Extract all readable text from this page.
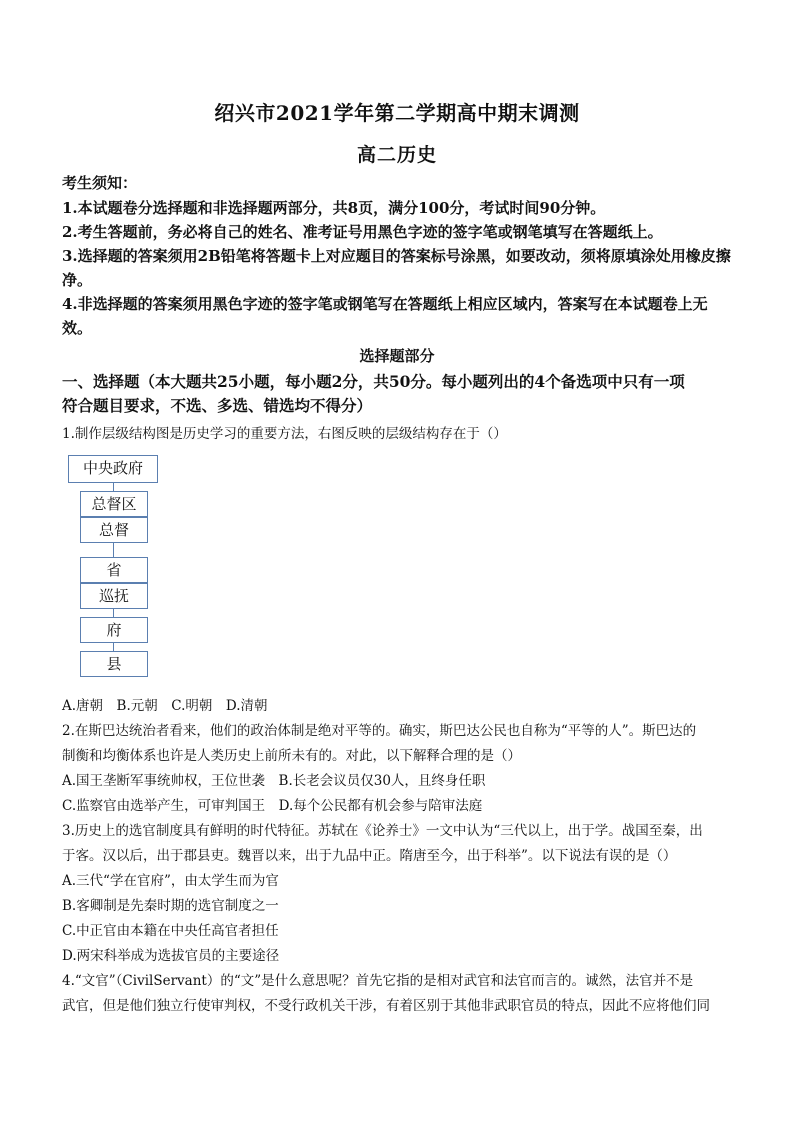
绍兴市2021学年第二学期高中期末调测
高二历史
考生须知：

1.本试题卷分选择题和非选择题两部分，共8页，满分100分，考试时间90分钟。

2.考生答题前，务必将自己的姓名、准考证号用黑色字迹的签字笔或钢笔填写在答题纸上。

3.选择题的答案须用2B铅笔将答题卡上对应题目的答案标号涂黑，如要改动，须将原填涂处用橡皮擦净。

4.非选择题的答案须用黑色字迹的签字笔或钢笔写在答题纸上相应区域内，答案写在本试题卷上无效。

选择题部分

一、选择题（本大题共25小题，每小题2分，共50分。每小题列出的4个备选项中只有一项

符合题目要求，不选、多选、错选均不得分）

1.制作层级结构图是历史学习的重要方法，右图反映的层级结构存在于（）

中央政府
总督区
总督
省
巡抚
府
县

A.唐朝　B.元朝　C.明朝　D.清朝

2.在斯巴达统治者看来，他们的政治体制是绝对平等的。确实，斯巴达公民也自称为“平等的人”。斯巴达的

制衡和均衡体系也许是人类历史上前所未有的。对此，以下解释合理的是（）

A.国王垄断军事统帅权，王位世袭　B.长老会议员仅30人，且终身任职

C.监察官由选举产生，可审判国王　D.每个公民都有机会参与陪审法庭

3.历史上的选官制度具有鲜明的时代特征。苏轼在《论养士》一文中认为“三代以上，出于学。战国至秦，出

于客。汉以后，出于郡县吏。魏晋以来，出于九品中正。隋唐至今，出于科举”。以下说法有误的是（）

A.三代“学在官府”，由太学生而为官

B.客卿制是先秦时期的选官制度之一

C.中正官由本籍在中央任高官者担任

D.两宋科举成为选拔官员的主要途径

4.“文官”（CivilServant）的“文”是什么意思呢？首先它指的是相对武官和法官而言的。诚然，法官并不是

武官，但是他们独立行使审判权，不受行政机关干涉，有着区别于其他非武职官员的特点，因此不应将他们同
